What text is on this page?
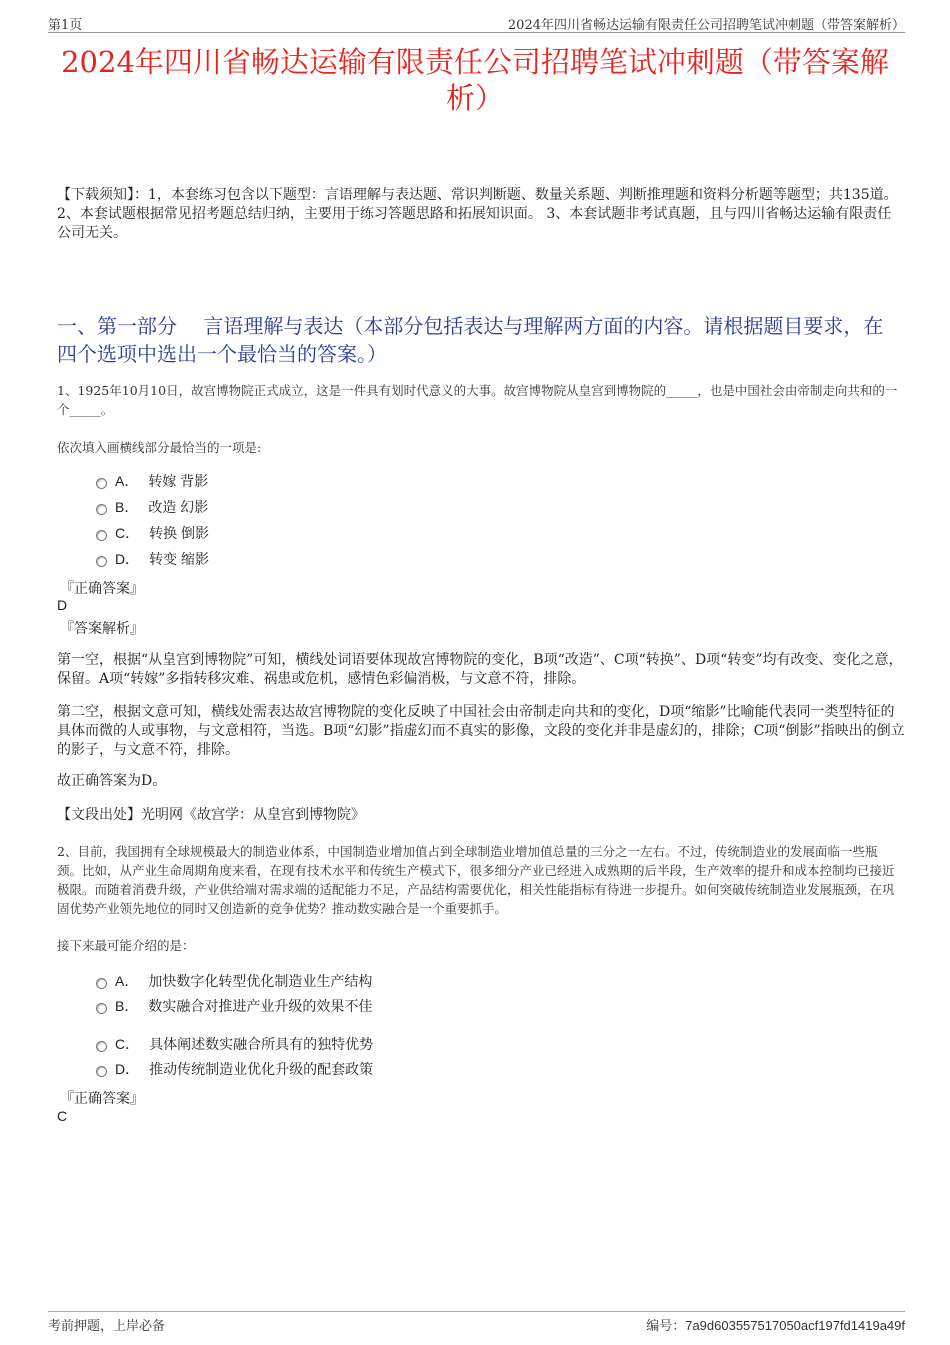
第1页	2024年四川省畅达运输有限责任公司招聘笔试冲刺题（带答案解析）
2024年四川省畅达运输有限责任公司招聘笔试冲刺题（带答案解析）
【下载须知】：1，本套练习包含以下题型：言语理解与表达题、常识判断题、数量关系题、判断推理题和资料分析题等题型；共135道。 2、本套试题根据常见招考题总结归纳，主要用于练习答题思路和拓展知识面。 3、本套试题非考试真题，且与四川省畅达运输有限责任公司无关。
一、第一部分　 言语理解与表达（本部分包括表达与理解两方面的内容。请根据题目要求，在四个选项中选出一个最恰当的答案。）
1、1925年10月10日，故宫博物院正式成立，这是一件具有划时代意义的大事。故宫博物院从皇宫到博物院的_____，也是中国社会由帝制走向共和的一个_____。
依次填入画横线部分最恰当的一项是:
A． 转嫁 背影
B． 改造 幻影
C． 转换 倒影
D． 转变 缩影
『正确答案』
D
『答案解析』
第一空，根据“从皇宫到博物院”可知，横线处词语要体现故宫博物院的变化，B项“改造”、C项“转换”、D项“转变”均有改变、变化之意，保留。A项“转嫁”多指转移灾难、祸患或危机，感情色彩偏消极，与文意不符，排除。
第二空，根据文意可知，横线处需表达故宫博物院的变化反映了中国社会由帝制走向共和的变化，D项“缩影”比喻能代表同一类型特征的具体而微的人或事物，与文意相符，当选。B项“幻影”指虚幻而不真实的影像，文段的变化并非是虚幻的，排除；C项“倒影”指映出的倒立的影子，与文意不符，排除。
故正确答案为D。
【文段出处】光明网《故宫学：从皇宫到博物院》
2、目前，我国拥有全球规模最大的制造业体系，中国制造业增加值占到全球制造业增加值总量的三分之一左右。不过，传统制造业的发展面临一些瓶颈。比如，从产业生命周期角度来看，在现有技术水平和传统生产模式下，很多细分产业已经进入成熟期的后半段，生产效率的提升和成本控制均已接近极限。而随着消费升级，产业供给端对需求端的适配能力不足，产品结构需要优化，相关性能指标有待进一步提升。如何突破传统制造业发展瓶颈，在巩固优势产业领先地位的同时又创造新的竞争优势？推动数实融合是一个重要抓手。
接下来最可能介绍的是：
A． 加快数字化转型优化制造业生产结构
B． 数实融合对推进产业升级的效果不佳
C． 具体阐述数实融合所具有的独特优势
D． 推动传统制造业优化升级的配套政策
『正确答案』
C
考前押题，上岸必备	编号：7a9d603557517050acf197fd1419a49f
